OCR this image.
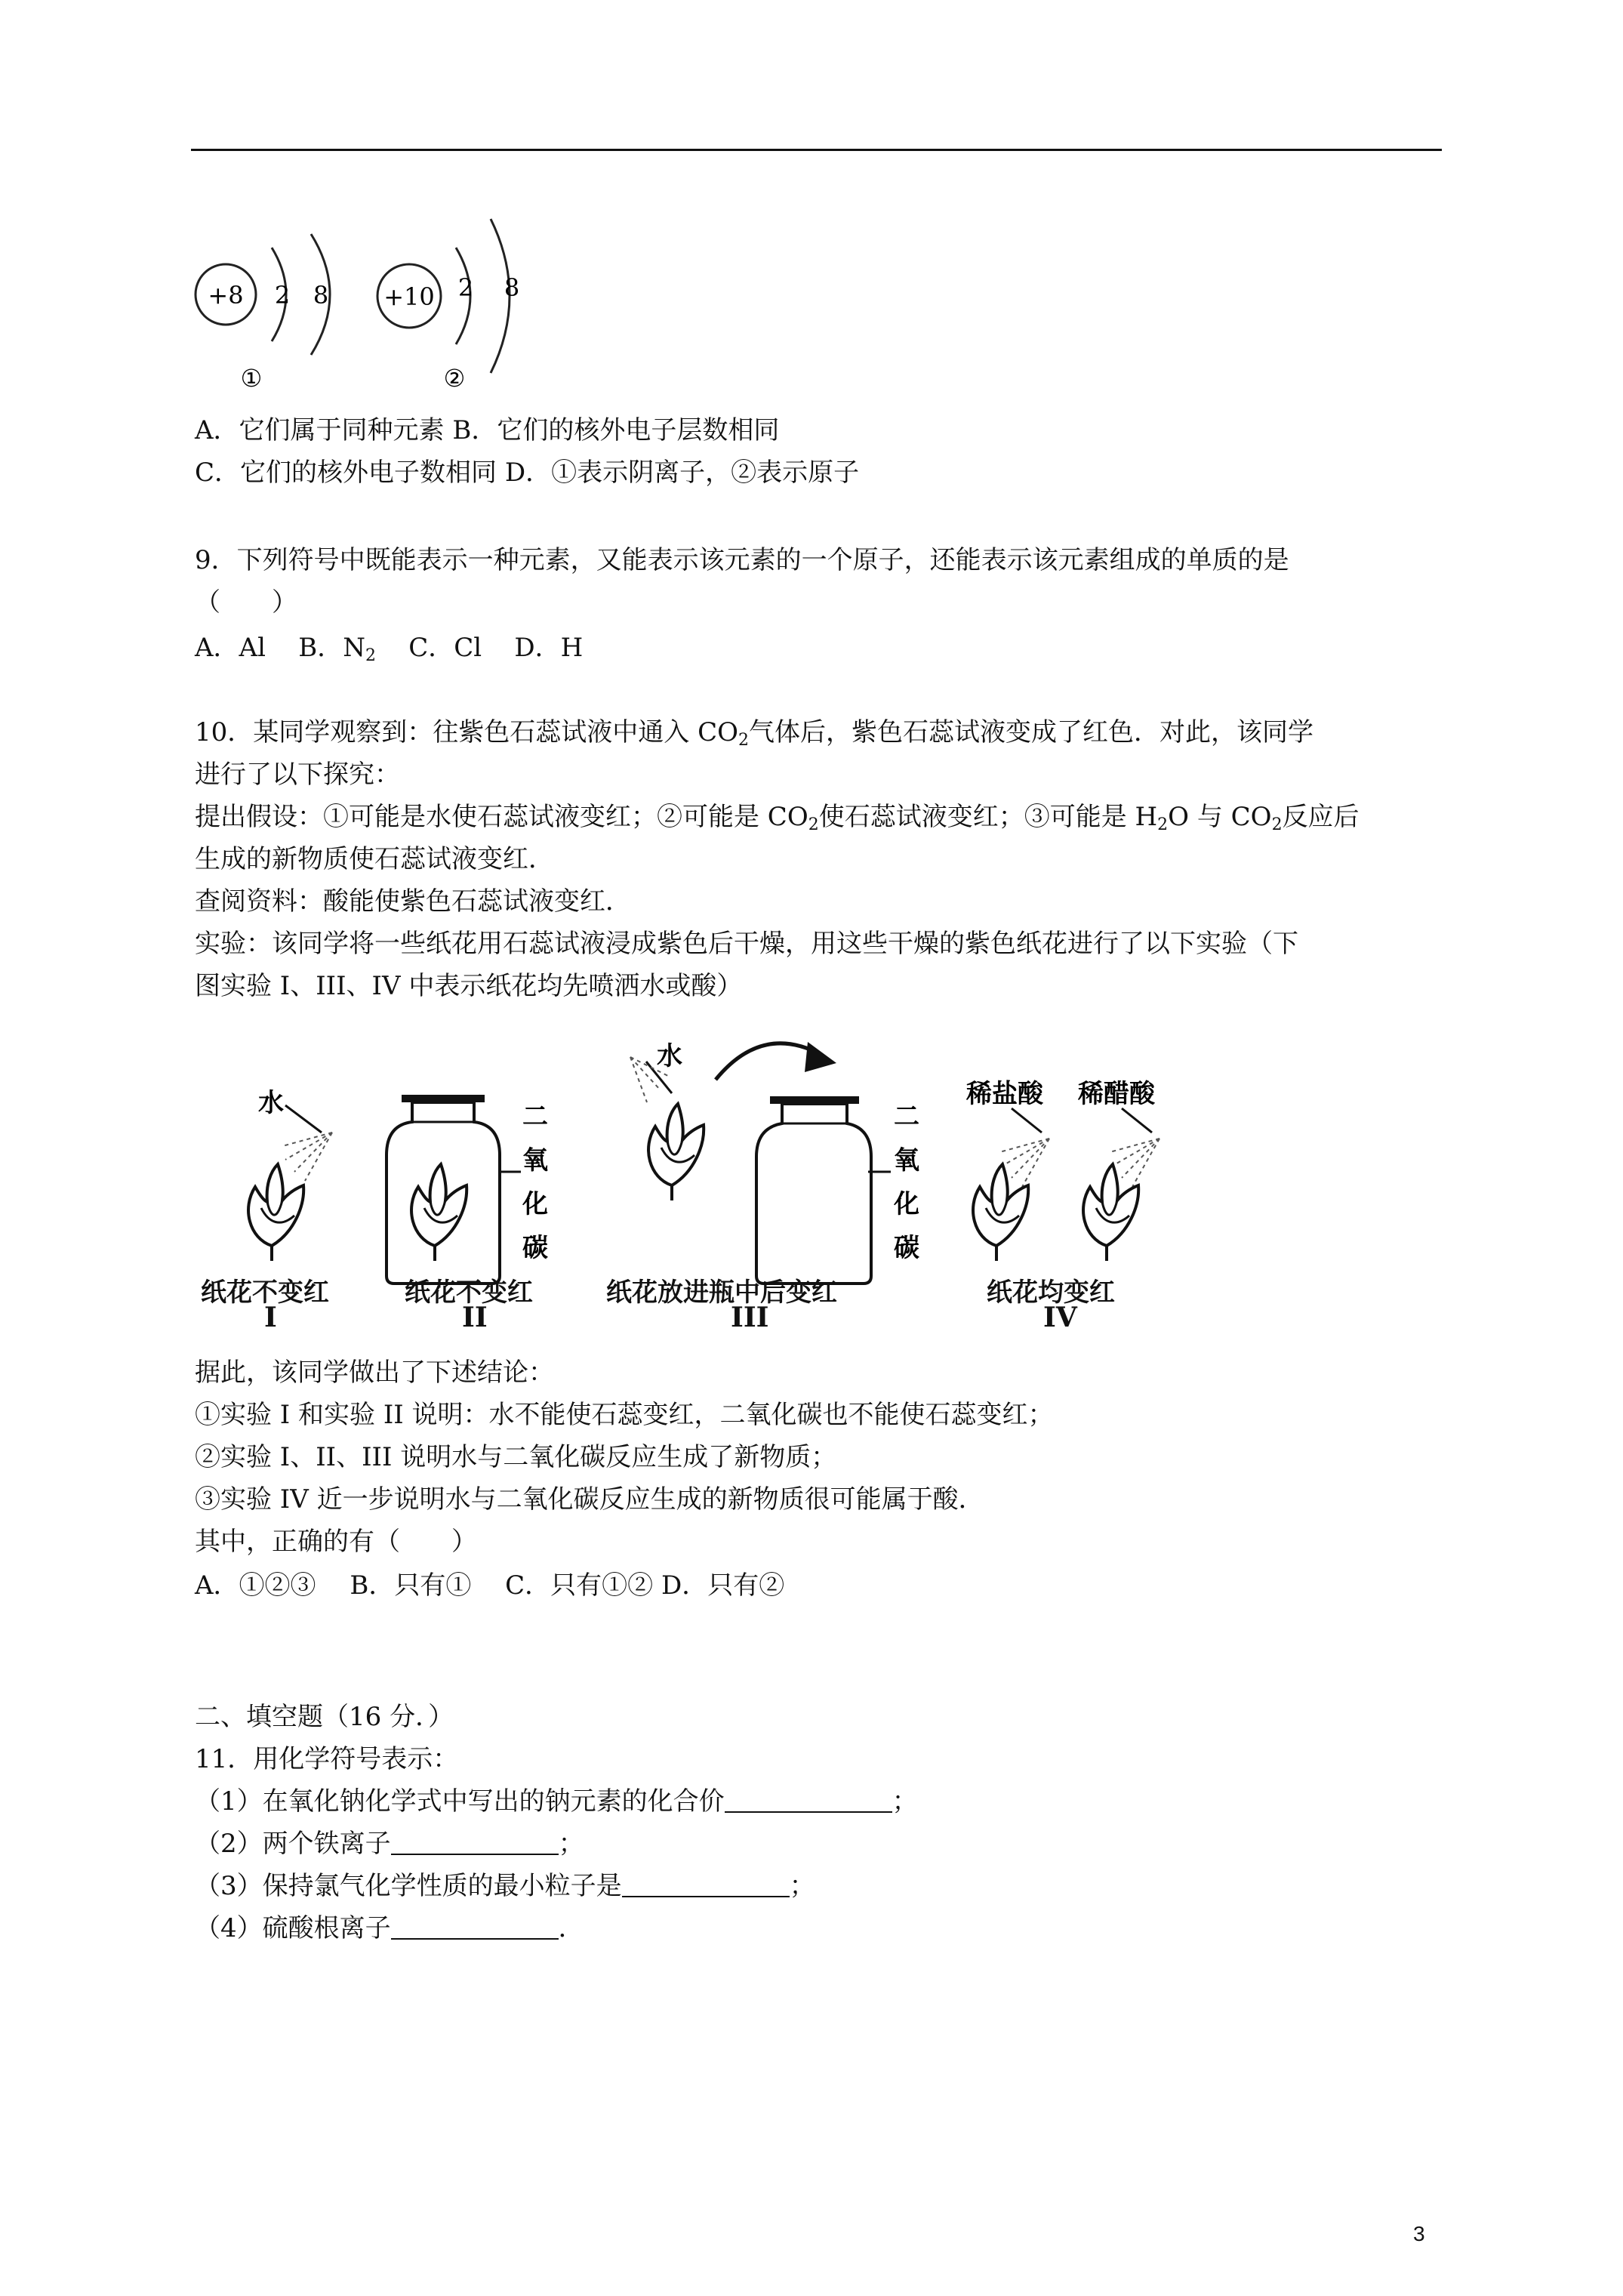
+8 2 8
①
+10 2 8
②
A．它们属于同种元素 B．它们的核外电子层数相同
C．它们的核外电子数相同 D．①表示阴离子，②表示原子
9．下列符号中既能表示一种元素，又能表示该元素的一个原子，还能表示该元素组成的单质的是
（　　）
A．Al B．$N_2$ C．Cl D．H
10．某同学观察到：往紫色石蕊试液中通入 $CO_2$气体后，紫色石蕊试液变成了红色．对此，该同学
进行了以下探究：
提出假设：①可能是水使石蕊试液变红；②可能是 $CO_2$使石蕊试液变红；③可能是 $H_2O$ 与 $CO_2$反应后
生成的新物质使石蕊试液变红．
查阅资料：酸能使紫色石蕊试液变红．
实验：该同学将一些纸花用石蕊试液浸成紫色后干燥，用这些干燥的紫色纸花进行了以下实验（下
图实验 I、III、IV 中表示纸花均先喷洒水或酸）
水	二
氧
化
碳
水
二
氧
化
碳
稀盐酸 稀醋酸
纸花不变红	纸花不变红	纸花放进瓶中后变红	纸花均变红
I	II	III	IV
据此，该同学做出了下述结论：
①实验 I 和实验 II 说明：水不能使石蕊变红，二氧化碳也不能使石蕊变红；
②实验 I、II、III 说明水与二氧化碳反应生成了新物质；
③实验 IV 近一步说明水与二氧化碳反应生成的新物质很可能属于酸．
其中，正确的有（　　）
A．①②③　 B．只有①　 C．只有①② D．只有②
二、填空题（16 分．）
11．用化学符号表示：
（1）在氧化钠化学式中写出的钠元素的化合价	；
（2）两个铁离子	；
（3）保持氯气化学性质的最小粒子是	；
（4）硫酸根离子	．
3
